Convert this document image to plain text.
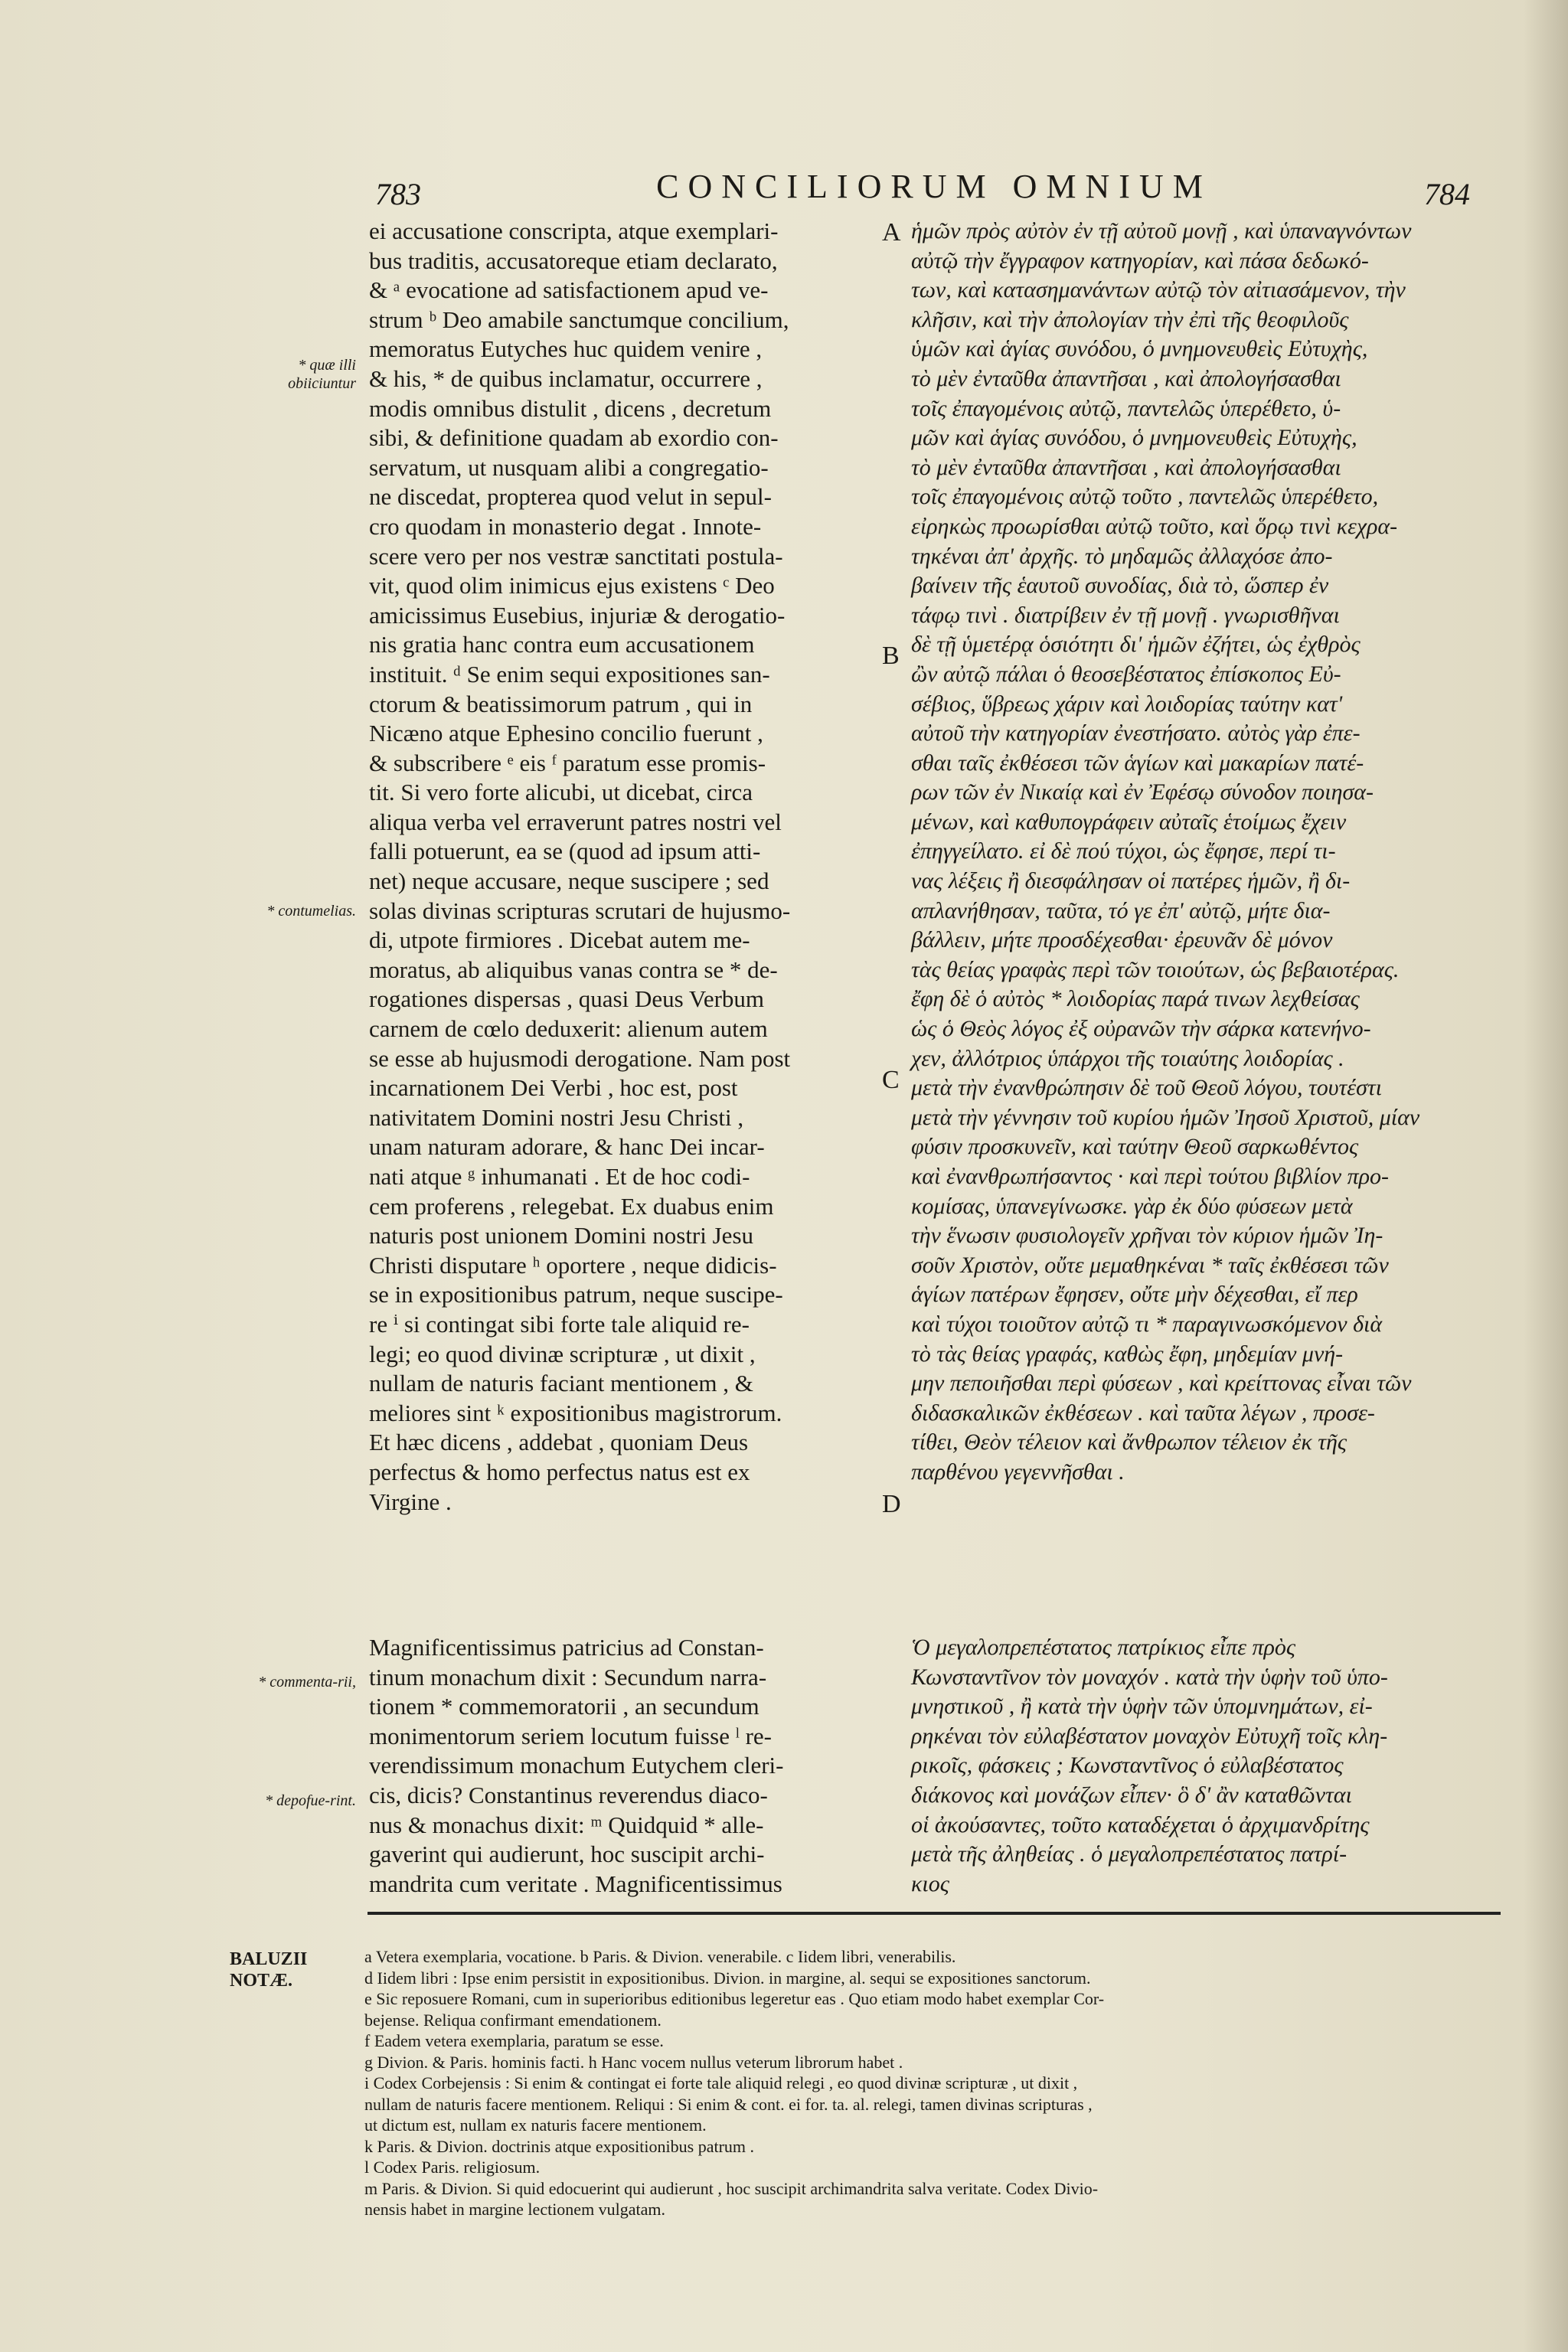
783	CONCILIORUM OMNIUM	784
* quæ illi obiiciuntur
* contumelias.
* commenta-rii,
* depofue-rint.
A
B
C
D
ei accusatione conscripta, atque exemplari-
bus traditis, accusatoreque etiam declarato,
& ᵃ evocatione ad satisfactionem apud ve-
strum ᵇ Deo amabile sanctumque concilium,
memoratus Eutyches huc quidem venire ,
& his, * de quibus inclamatur, occurrere ,
modis omnibus distulit , dicens , decretum
sibi, & definitione quadam ab exordio con-
servatum, ut nusquam alibi a congregatio-
ne discedat, propterea quod velut in sepul-
cro quodam in monasterio degat . Innote-
scere vero per nos vestræ sanctitati postula-
vit, quod olim inimicus ejus existens ᶜ Deo
amicissimus Eusebius, injuriæ & derogatio-
nis gratia hanc contra eum accusationem
instituit. ᵈ Se enim sequi expositiones san-
ctorum & beatissimorum patrum , qui in
Nicæno atque Ephesino concilio fuerunt ,
& subscribere ᵉ eis ᶠ paratum esse promis-
tit. Si vero forte alicubi, ut dicebat, circa
aliqua verba vel erraverunt patres nostri vel
falli potuerunt, ea se (quod ad ipsum atti-
net) neque accusare, neque suscipere ; sed
solas divinas scripturas scrutari de hujusmo-
di, utpote firmiores . Dicebat autem me-
moratus, ab aliquibus vanas contra se * de-
rogationes dispersas , quasi Deus Verbum
carnem de cœlo deduxerit: alienum autem
se esse ab hujusmodi derogatione. Nam post
incarnationem Dei Verbi , hoc est, post
nativitatem Domini nostri Jesu Christi ,
unam naturam adorare, & hanc Dei incar-
nati atque ᵍ inhumanati . Et de hoc codi-
cem proferens , relegebat. Ex duabus enim
naturis post unionem Domini nostri Jesu
Christi disputare ʰ oportere , neque didicis-
se in expositionibus patrum, neque suscipe-
re ⁱ si contingat sibi forte tale aliquid re-
legi; eo quod divinæ scripturæ , ut dixit ,
nullam de naturis faciant mentionem , &
meliores sint ᵏ expositionibus magistrorum.
Et hæc dicens , addebat , quoniam Deus
perfectus & homo perfectus natus est ex
Virgine .
Magnificentissimus patricius ad Constan-
tinum monachum dixit : Secundum narra-
tionem * commemoratorii , an secundum
monimentorum seriem locutum fuisse ˡ re-
verendissimum monachum Eutychem cleri-
cis, dicis? Constantinus reverendus diaco-
nus & monachus dixit: ᵐ Quidquid * alle-
gaverint qui audierunt, hoc suscipit archi-
mandrita cum veritate . Magnificentissimus
ἡμῶν πρὸς αὐτὸν ἐν τῇ αὐτοῦ μονῇ , καὶ ὑπαναγνόντων
αὐτῷ τὴν ἔγγραφον κατηγορίαν, καὶ πάσα δεδωκό-
των, καὶ κατασημανάντων αὐτῷ τὸν αἰτιασάμενον, τὴν
κλῆσιν, καὶ τὴν ἀπολογίαν τὴν ἐπὶ τῆς θεοφιλοῦς
ὑμῶν καὶ ἁγίας συνόδου, ὁ μνημονευθεὶς Εὐτυχὴς,
τὸ μὲν ἐνταῦθα ἀπαντῆσαι , καὶ ἀπολογήσασθαι
τοῖς ἐπαγομένοις αὐτῷ, παντελῶς ὑπερέθετο, ὑ-
μῶν καὶ ἁγίας συνόδου, ὁ μνημονευθεὶς Εὐτυχὴς,
τὸ μὲν ἐνταῦθα ἀπαντῆσαι , καὶ ἀπολογήσασθαι
τοῖς ἐπαγομένοις αὐτῷ τοῦτο , παντελῶς ὑπερέθετο,
εἰρηκὼς προωρίσθαι αὐτῷ τοῦτο, καὶ ὅρῳ τινὶ κεχρα-
τηκέναι ἀπ' ἀρχῆς. τὸ μηδαμῶς ἀλλαχόσε ἀπο-
βαίνειν τῆς ἑαυτοῦ συνοδίας, διὰ τὸ, ὥσπερ ἐν
τάφῳ τινὶ . διατρίβειν ἐν τῇ μονῇ . γνωρισθῆναι
δὲ τῇ ὑμετέρᾳ ὁσιότητι δι' ἡμῶν ἐζήτει, ὡς ἐχθρὸς
ὢν αὐτῷ πάλαι ὁ θεοσεβέστατος ἐπίσκοπος Εὐ-
σέβιος, ὕβρεως χάριν καὶ λοιδορίας ταύτην κατ'
αὐτοῦ τὴν κατηγορίαν ἐνεστήσατο. αὐτὸς γὰρ ἐπε-
σθαι ταῖς ἐκθέσεσι τῶν ἁγίων καὶ μακαρίων πατέ-
ρων τῶν ἐν Νικαίᾳ καὶ ἐν Ἐφέσῳ σύνοδον ποιησα-
μένων, καὶ καθυπογράφειν αὐταῖς ἑτοίμως ἔχειν
ἐπηγγείλατο. εἰ δὲ πού τύχοι, ὡς ἔφησε, περί τι-
νας λέξεις ἢ διεσφάλησαν οἱ πατέρες ἡμῶν, ἢ δι-
απλανήθησαν, ταῦτα, τό γε ἐπ' αὐτῷ, μήτε δια-
βάλλειν, μήτε προσδέχεσθαι· ἐρευνᾶν δὲ μόνον
τὰς θείας γραφὰς περὶ τῶν τοιούτων, ὡς βεβαιοτέρας.
ἔφη δὲ ὁ αὐτὸς * λοιδορίας παρά τινων λεχθείσας
ὡς ὁ Θεὸς λόγος ἐξ οὐρανῶν τὴν σάρκα κατενήνο-
χεν, ἀλλότριος ὑπάρχοι τῆς τοιαύτης λοιδορίας .
μετὰ τὴν ἐνανθρώπησιν δὲ τοῦ Θεοῦ λόγου, τουτέστι
μετὰ τὴν γέννησιν τοῦ κυρίου ἡμῶν Ἰησοῦ Χριστοῦ, μίαν
φύσιν προσκυνεῖν, καὶ ταύτην Θεοῦ σαρκωθέντος
καὶ ἐνανθρωπήσαντος · καὶ περὶ τούτου βιβλίον προ-
κομίσας, ὑπανεγίνωσκε. γὰρ ἐκ δύο φύσεων μετὰ
τὴν ἕνωσιν φυσιολογεῖν χρῆναι τὸν κύριον ἡμῶν Ἰη-
σοῦν Χριστὸν, οὔτε μεμαθηκέναι * ταῖς ἐκθέσεσι τῶν
ἁγίων πατέρων ἔφησεν, οὔτε μὴν δέχεσθαι, εἴ περ
καὶ τύχοι τοιοῦτον αὐτῷ τι * παραγινωσκόμενον διὰ
τὸ τὰς θείας γραφάς, καθὼς ἔφη, μηδεμίαν μνή-
μην πεποιῆσθαι περὶ φύσεων , καὶ κρείττονας εἶναι τῶν
διδασκαλικῶν ἐκθέσεων . καὶ ταῦτα λέγων , προσε-
τίθει, Θεὸν τέλειον καὶ ἄνθρωπον τέλειον ἐκ τῆς
παρθένου γεγεννῆσθαι .
Ὁ μεγαλοπρεπέστατος πατρίκιος εἶπε πρὸς
Κωνσταντῖνον τὸν μοναχόν . κατὰ τὴν ὑφὴν τοῦ ὑπο-
μνηστικοῦ , ἢ κατὰ τὴν ὑφὴν τῶν ὑπομνημάτων, εἰ-
ρηκέναι τὸν εὐλαβέστατον μοναχὸν Εὐτυχῆ τοῖς κλη-
ρικοῖς, φάσκεις ; Κωνσταντῖνος ὁ εὐλαβέστατος
διάκονος καὶ μονάζων εἶπεν· ὃ δ' ἂν καταθῶνται
οἱ ἀκούσαντες, τοῦτο καταδέχεται ὁ ἀρχιμανδρίτης
μετὰ τῆς ἀληθείας . ὁ μεγαλοπρεπέστατος πατρί-
κιος
BALUZII
NOTÆ.
a Vetera exemplaria, vocatione. b Paris. & Divion. venerabile. c Iidem libri, venerabilis.
d Iidem libri : Ipse enim persistit in expositionibus. Divion. in margine, al. sequi se expositiones sanctorum.
e Sic reposuere Romani, cum in superioribus editionibus legeretur eas . Quo etiam modo habet exemplar Cor-
bejense. Reliqua confirmant emendationem.
f Eadem vetera exemplaria, paratum se esse.
g Divion. & Paris. hominis facti. h Hanc vocem nullus veterum librorum habet .
i Codex Corbejensis : Si enim & contingat ei forte tale aliquid relegi , eo quod divinæ scripturæ , ut dixit ,
nullam de naturis facere mentionem. Reliqui : Si enim & cont. ei for. ta. al. relegi, tamen divinas scripturas ,
ut dictum est, nullam ex naturis facere mentionem.
k Paris. & Divion. doctrinis atque expositionibus patrum .
l Codex Paris. religiosum.
m Paris. & Divion. Si quid edocuerint qui audierunt , hoc suscipit archimandrita salva veritate. Codex Divio-
nensis habet in margine lectionem vulgatam.
